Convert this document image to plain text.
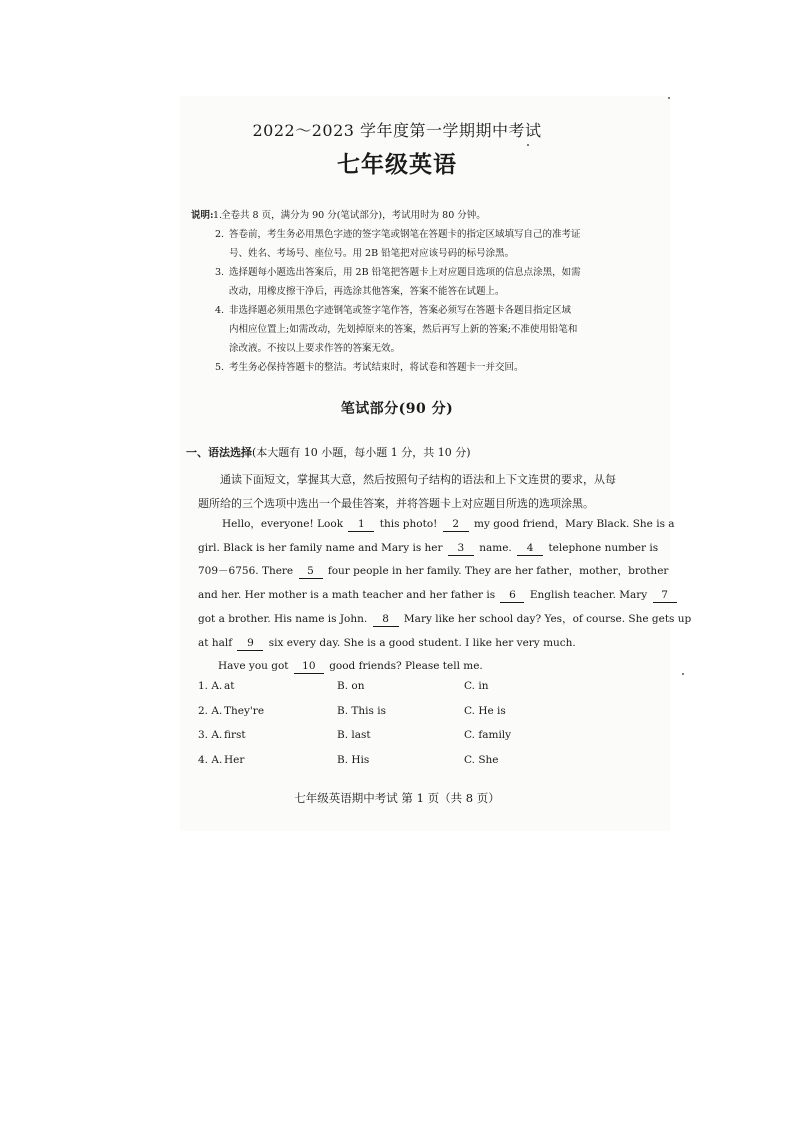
2022～2023 学年度第一学期期中考试
七年级英语
说明: 1.
全卷共 8 页，满分为 90 分(笔试部分)，考试用时为 80 分钟。
2. 答卷前，考生务必用黑色字迹的签字笔或钢笔在答题卡的指定区域填写自己的准考证
号、姓名、考场号、座位号。用 2B 铅笔把对应该号码的标号涂黑。
3. 选择题每小题选出答案后，用 2B 铅笔把答题卡上对应题目选项的信息点涂黑，如需
改动，用橡皮擦干净后，再选涂其他答案，答案不能答在试题上。
4. 非选择题必须用黑色字迹钢笔或签字笔作答，答案必须写在答题卡各题目指定区域
内相应位置上;如需改动，先划掉原来的答案，然后再写上新的答案;不准使用铅笔和
涂改液。不按以上要求作答的答案无效。
5. 考生务必保持答题卡的整洁。考试结束时，将试卷和答题卡一并交回。
笔试部分(90 分)
一、语法选择(本大题有 10 小题，每小题 1 分，共 10 分)
通读下面短文，掌握其大意，然后按照句子结构的语法和上下文连贯的要求，从每题所给的三个选项中选出一个最佳答案，并将答题卡上对应题目所选的选项涂黑。
Hello，everyone! Look 1 this photo! 2 my good friend，Mary Black. She is a
girl. Black is her family name and Mary is her 3 name. 4 telephone number is
709－6756. There 5 four people in her family. They are her father，mother，brother
and her. Her mother is a math teacher and her father is 6 English teacher. Mary 7
got a brother. His name is John. 8 Mary like her school day? Yes，of course. She gets up
at half 9 six every day. She is a good student. I like her very much.
Have you got 10 good friends? Please tell me.
1. A. at	B. on	C. in
2. A. They're	B. This is	C. He is
3. A. first	B. last	C. family
4. A. Her	B. His	C. She
七年级英语期中考试 第 1 页（共 8 页）
